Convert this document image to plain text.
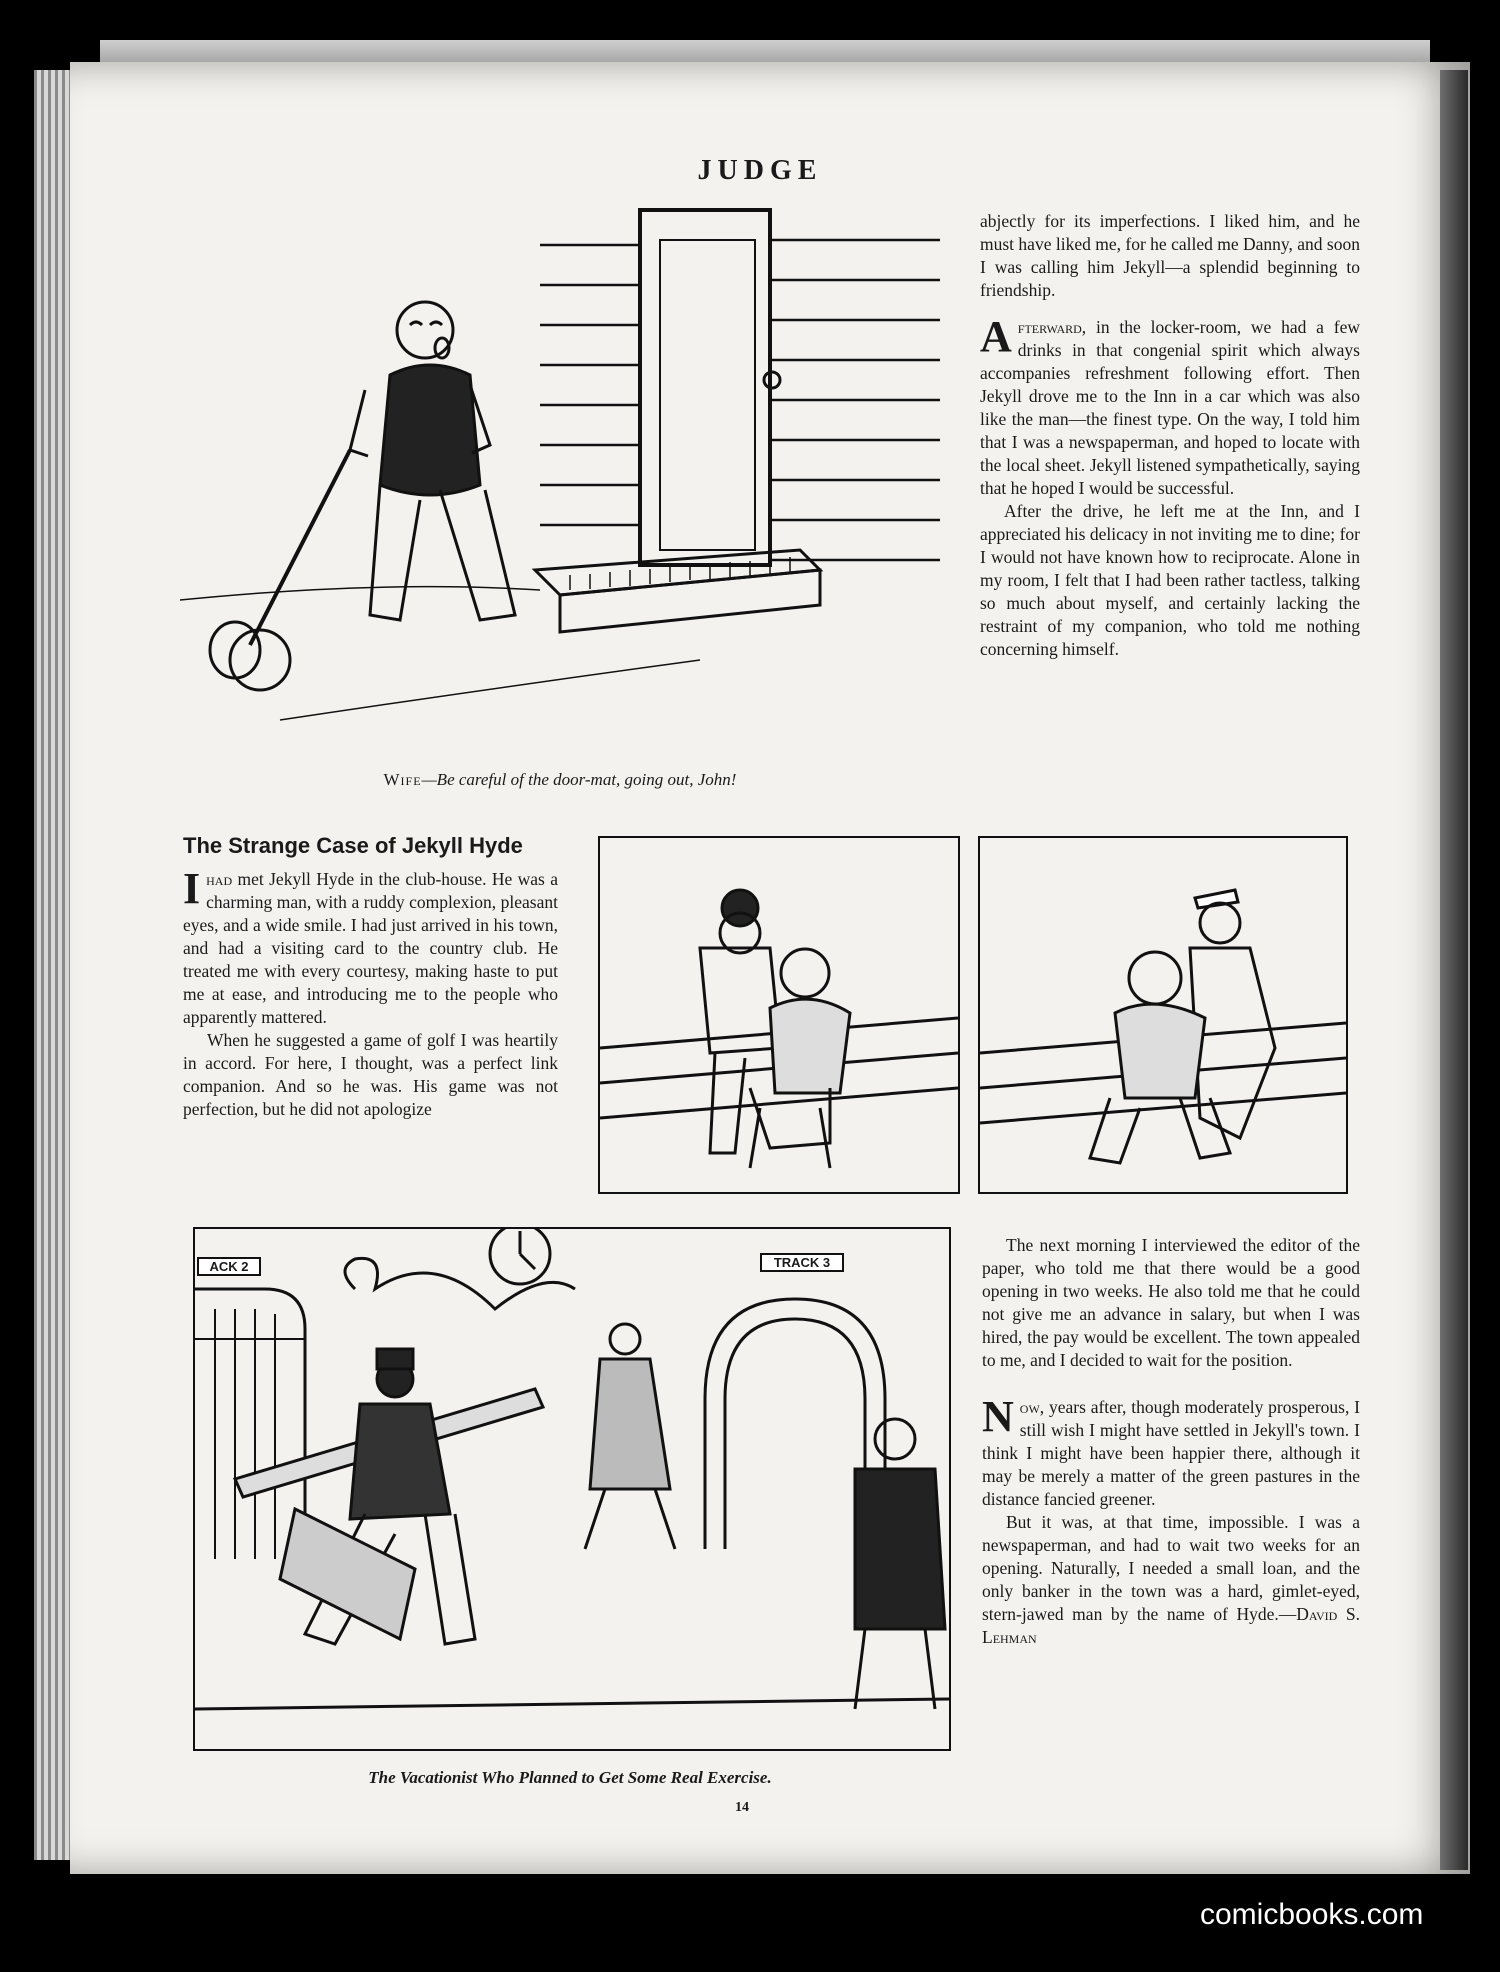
JUDGE
Wife—Be careful of the door-mat, going out, John!

abjectly for its imperfections. I liked him, and he must have liked me, for he called me Danny, and soon I was calling him Jekyll—a splendid beginning to friendship.

Afterward, in the locker-room, we had a few drinks in that congenial spirit which always accompanies refreshment following effort. Then Jekyll drove me to the Inn in a car which was also like the man—the finest type. On the way, I told him that I was a newspaperman, and hoped to locate with the local sheet. Jekyll listened sympathetically, saying that he hoped I would be successful.

After the drive, he left me at the Inn, and I appreciated his delicacy in not inviting me to dine; for I would not have known how to reciprocate. Alone in my room, I felt that I had been rather tactless, talking so much about myself, and certainly lacking the restraint of my companion, who told me nothing concerning himself.

The Strange Case of Jekyll Hyde

Ihad met Jekyll Hyde in the club-house. He was a charming man, with a ruddy complexion, pleasant eyes, and a wide smile. I had just arrived in his town, and had a visiting card to the country club. He treated me with every courtesy, making haste to put me at ease, and introducing me to the people who apparently mattered.

When he suggested a game of golf I was heartily in accord. For here, I thought, was a perfect link companion. And so he was. His game was not perfection, but he did not apologize

ACK 2	TRACK 3
The Vacationist Who Planned to Get Some Real Exercise.

The next morning I interviewed the editor of the paper, who told me that there would be a good opening in two weeks. He also told me that he could not give me an advance in salary, but when I was hired, the pay would be excellent. The town appealed to me, and I decided to wait for the position.

Now, years after, though moderately prosperous, I still wish I might have settled in Jekyll's town. I think I might have been happier there, although it may be merely a matter of the green pastures in the distance fancied greener.

But it was, at that time, impossible. I was a newspaperman, and had to wait two weeks for an opening. Naturally, I needed a small loan, and the only banker in the town was a hard, gimlet-eyed, stern-jawed man by the name of Hyde.—David S. Lehman

14
comicbooks.com
